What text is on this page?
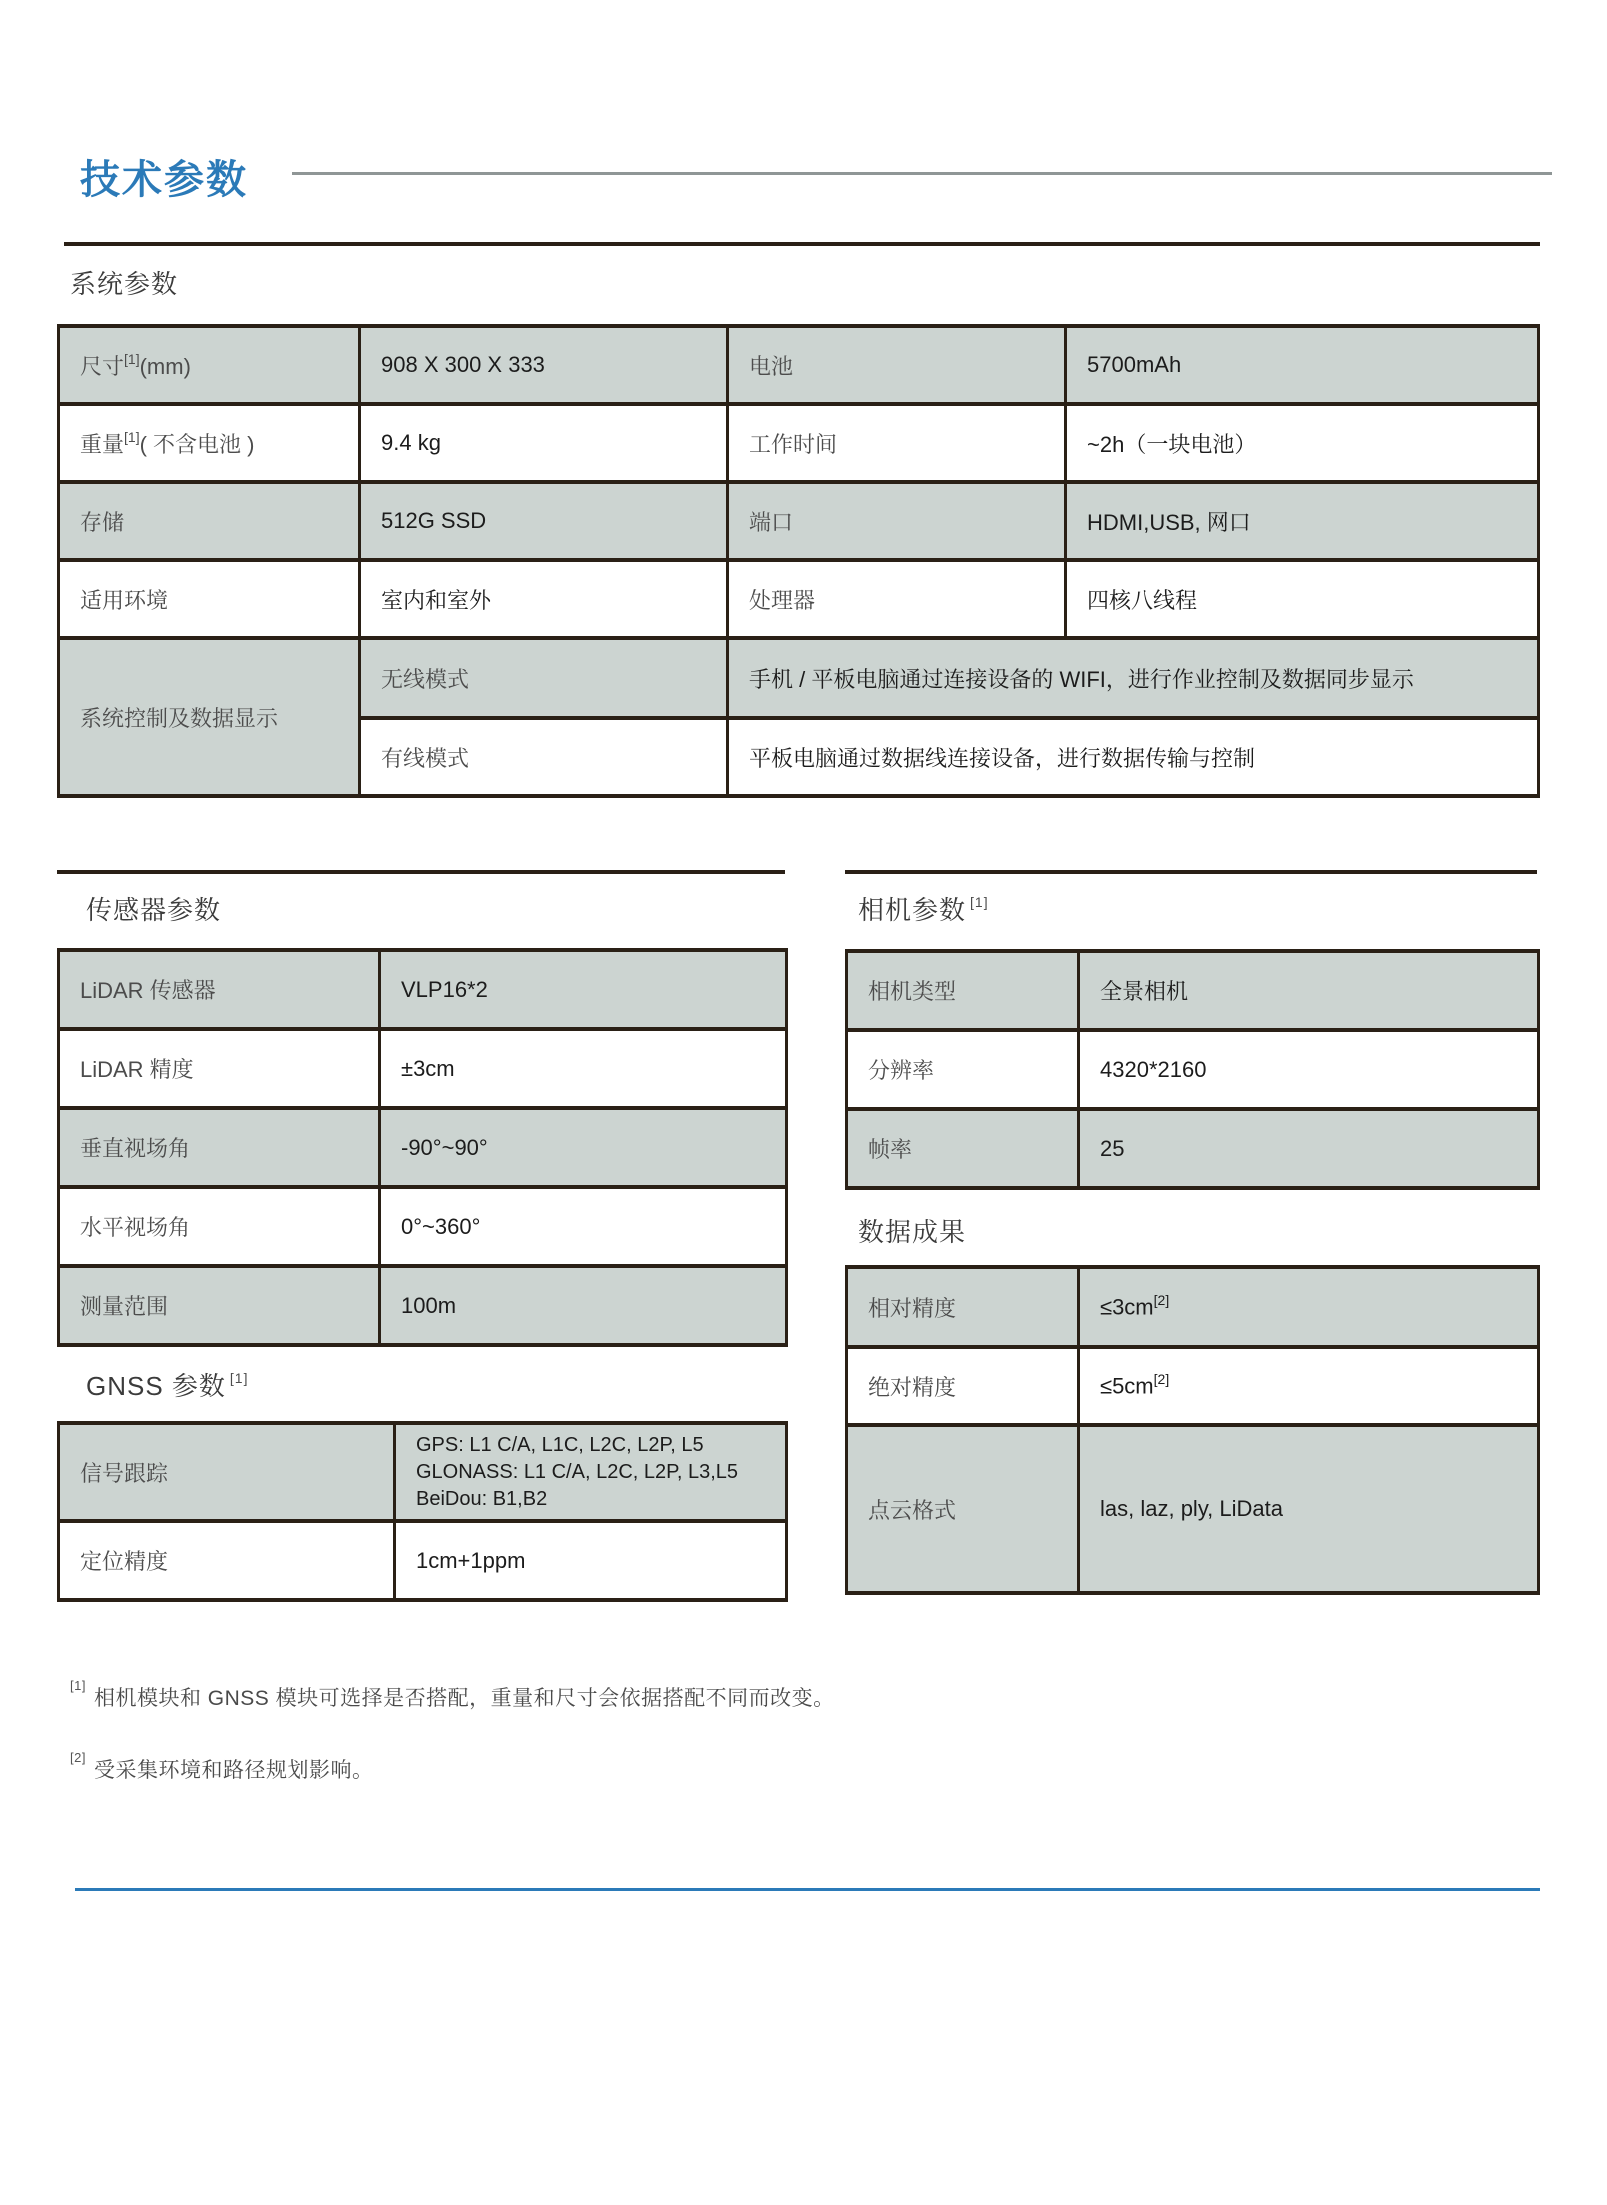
技术参数
系统参数
尺寸[1](mm)	908 X 300 X 333	电池	5700mAh
重量[1]( 不含电池 )	9.4 kg	工作时间	~2h（一块电池）
存储	512G SSD	端口	HDMI,USB, 网口
适用环境	室内和室外	处理器	四核八线程
系统控制及数据显示	无线模式	手机 / 平板电脑通过连接设备的 WIFI，进行作业控制及数据同步显示	
	有线模式	平板电脑通过数据线连接设备，进行数据传输与控制	
传感器参数
LiDAR 传感器	VLP16*2
LiDAR 精度	±3cm
垂直视场角	-90°~90°
水平视场角	0°~360°
测量范围	100m
GNSS 参数 [1]
信号跟踪	GPS: L1 C/A, L1C, L2C, L2P, L5
GLONASS: L1 C/A, L2C, L2P, L3,L5
BeiDou: B1,B2

定位精度	1cm+1ppm
相机参数 [1]
相机类型	全景相机
分辨率	4320*2160
帧率	25
数据成果
相对精度	≤3cm[2]
绝对精度	≤5cm[2]
点云格式	las, laz, ply, LiData
[1]相机模块和 GNSS 模块可选择是否搭配，重量和尺寸会依据搭配不同而改变。
[2]受采集环境和路径规划影响。
